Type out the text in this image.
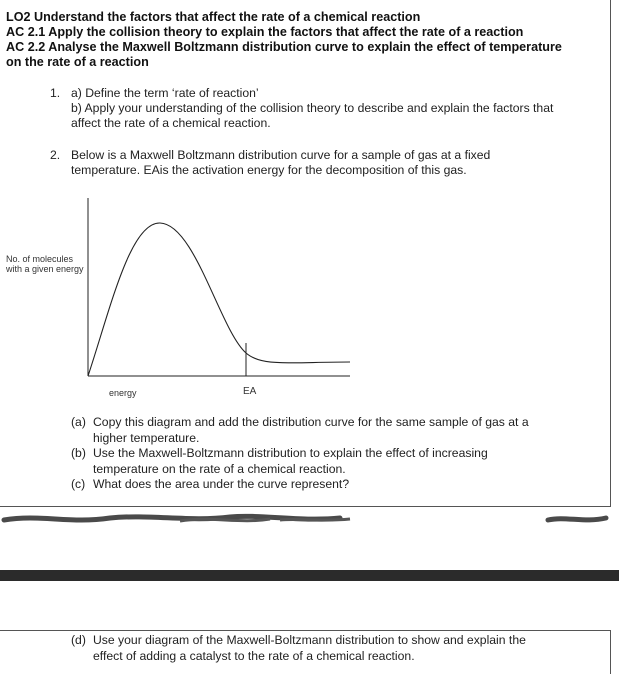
LO2 Understand the factors that affect the rate of a chemical reaction
AC 2.1 Apply the collision theory to explain the factors that affect the rate of a reaction
AC 2.2 Analyse the Maxwell Boltzmann distribution curve to explain the effect of temperature
on the rate of a reaction
1. a) Define the term ‘rate of reaction’
b) Apply your understanding of the collision theory to describe and explain the factors that
affect the rate of a chemical reaction.
2. Below is a Maxwell Boltzmann distribution curve for a sample of gas at a fixed
temperature. EAis the activation energy for the decomposition of this gas.
No. of molecules
with a given energy
energy	EA
(a) Copy this diagram and add the distribution curve for the same sample of gas at a
higher temperature.
(b) Use the Maxwell-Boltzmann distribution to explain the effect of increasing
temperature on the rate of a chemical reaction.
(c) What does the area under the curve represent?
(d) Use your diagram of the Maxwell-Boltzmann distribution to show and explain the
effect of adding a catalyst to the rate of a chemical reaction.
